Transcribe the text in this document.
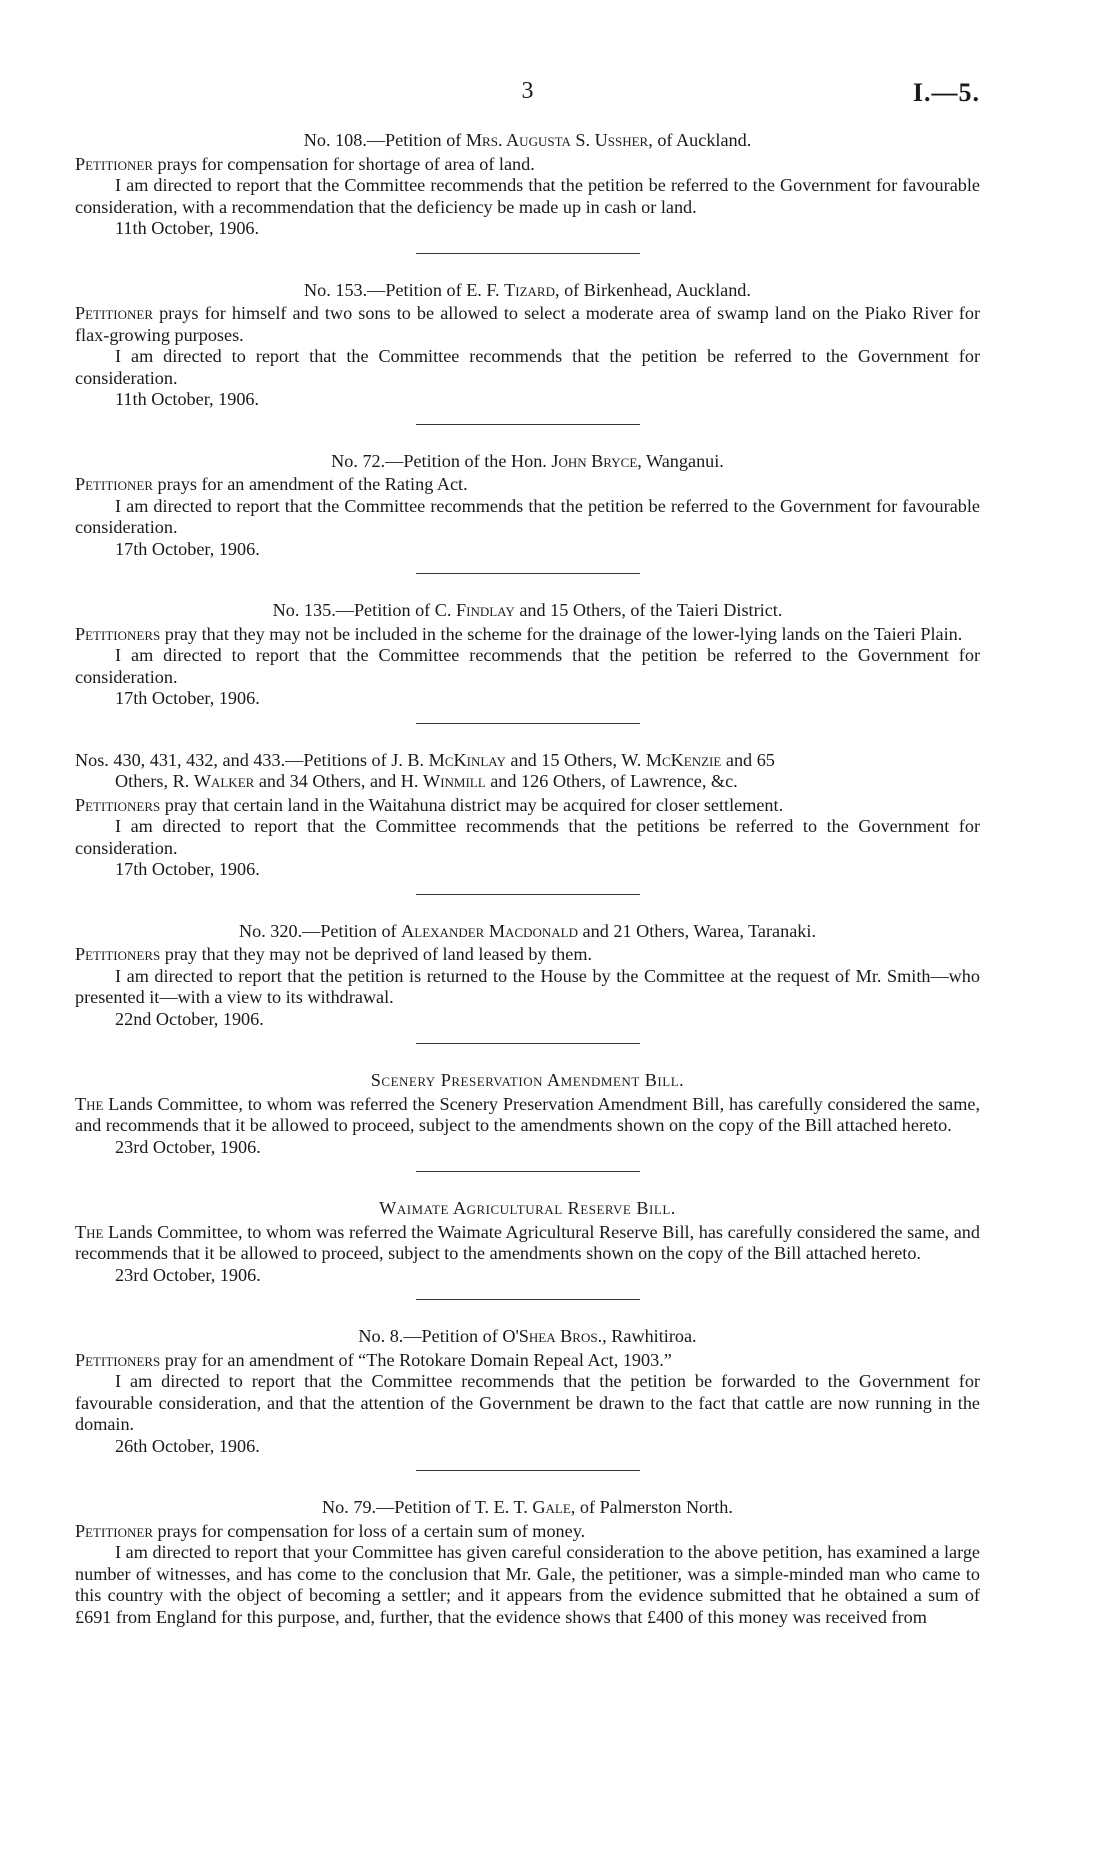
3	I.—5.
No. 108.—Petition of Mrs. Augusta S. Ussher, of Auckland.

Petitioner prays for compensation for shortage of area of land.

I am directed to report that the Committee recommends that the petition be referred to the Government for favourable consideration, with a recommendation that the deficiency be made up in cash or land.

11th October, 1906.
No. 153.—Petition of E. F. Tizard, of Birkenhead, Auckland.

Petitioner prays for himself and two sons to be allowed to select a moderate area of swamp land on the Piako River for flax-growing purposes.

I am directed to report that the Committee recommends that the petition be referred to the Government for consideration.

11th October, 1906.
No. 72.—Petition of the Hon. John Bryce, Wanganui.

Petitioner prays for an amendment of the Rating Act.

I am directed to report that the Committee recommends that the petition be referred to the Government for favourable consideration.

17th October, 1906.
No. 135.—Petition of C. Findlay and 15 Others, of the Taieri District.

Petitioners pray that they may not be included in the scheme for the drainage of the lower-lying lands on the Taieri Plain.

I am directed to report that the Committee recommends that the petition be referred to the Government for consideration.

17th October, 1906.
Nos. 430, 431, 432, and 433.—Petitions of J. B. McKinlay and 15 Others, W. McKenzie and 65
Others, R. Walker and 34 Others, and H. Winmill and 126 Others, of Lawrence, &c.

Petitioners pray that certain land in the Waitahuna district may be acquired for closer settlement.

I am directed to report that the Committee recommends that the petitions be referred to the Government for consideration.

17th October, 1906.
No. 320.—Petition of Alexander Macdonald and 21 Others, Warea, Taranaki.

Petitioners pray that they may not be deprived of land leased by them.

I am directed to report that the petition is returned to the House by the Committee at the request of Mr. Smith—who presented it—with a view to its withdrawal.

22nd October, 1906.
Scenery Preservation Amendment Bill.

The Lands Committee, to whom was referred the Scenery Preservation Amendment Bill, has carefully considered the same, and recommends that it be allowed to proceed, subject to the amendments shown on the copy of the Bill attached hereto.

23rd October, 1906.
Waimate Agricultural Reserve Bill.

The Lands Committee, to whom was referred the Waimate Agricultural Reserve Bill, has carefully considered the same, and recommends that it be allowed to proceed, subject to the amendments shown on the copy of the Bill attached hereto.

23rd October, 1906.
No. 8.—Petition of O'Shea Bros., Rawhitiroa.

Petitioners pray for an amendment of “The Rotokare Domain Repeal Act, 1903.”

I am directed to report that the Committee recommends that the petition be forwarded to the Government for favourable consideration, and that the attention of the Government be drawn to the fact that cattle are now running in the domain.

26th October, 1906.
No. 79.—Petition of T. E. T. Gale, of Palmerston North.

Petitioner prays for compensation for loss of a certain sum of money.

I am directed to report that your Committee has given careful consideration to the above petition, has examined a large number of witnesses, and has come to the conclusion that Mr. Gale, the petitioner, was a simple-minded man who came to this country with the object of becoming a settler; and it appears from the evidence submitted that he obtained a sum of £691 from England for this purpose, and, further, that the evidence shows that £400 of this money was received from
